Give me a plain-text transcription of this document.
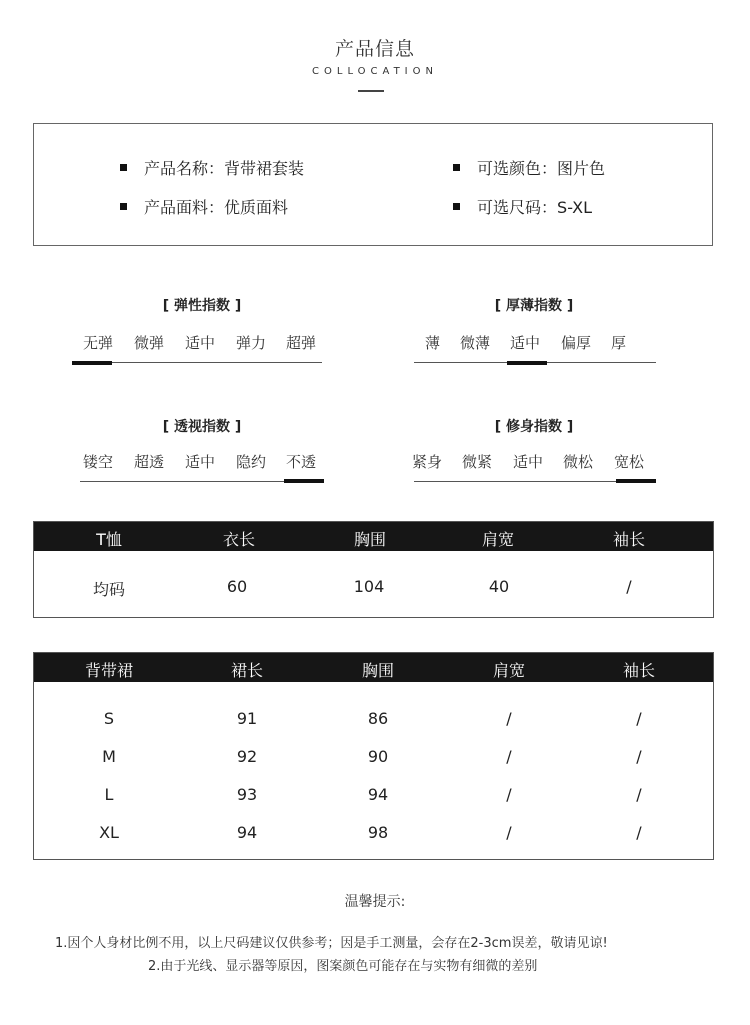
产品信息
COLLOCATION
产品名称：背带裙套装	可选颜色：图片色
产品面料：优质面料	可选尺码：S-XL
[ 弹性指数 ]
无弹 微弹 适中 弹力 超弹
[ 厚薄指数 ]
薄 微薄 适中 偏厚 厚
[ 透视指数 ]
镂空 超透 适中 隐约 不透
[ 修身指数 ]
紧身 微紧 适中 微松 宽松
T恤	衣长	胸围	肩宽	袖长
均码	60	104	40	/
背带裙	裙长	胸围	肩宽	袖长
S	91	86	/	/
M	92	90	/	/
L	93	94	/	/
XL	94	98	/	/
温馨提示:
1.因个人身材比例不用，以上尺码建议仅供参考；因是手工测量，会存在2-3cm误差，敬请见谅!
2.由于光线、显示器等原因，图案颜色可能存在与实物有细微的差别
